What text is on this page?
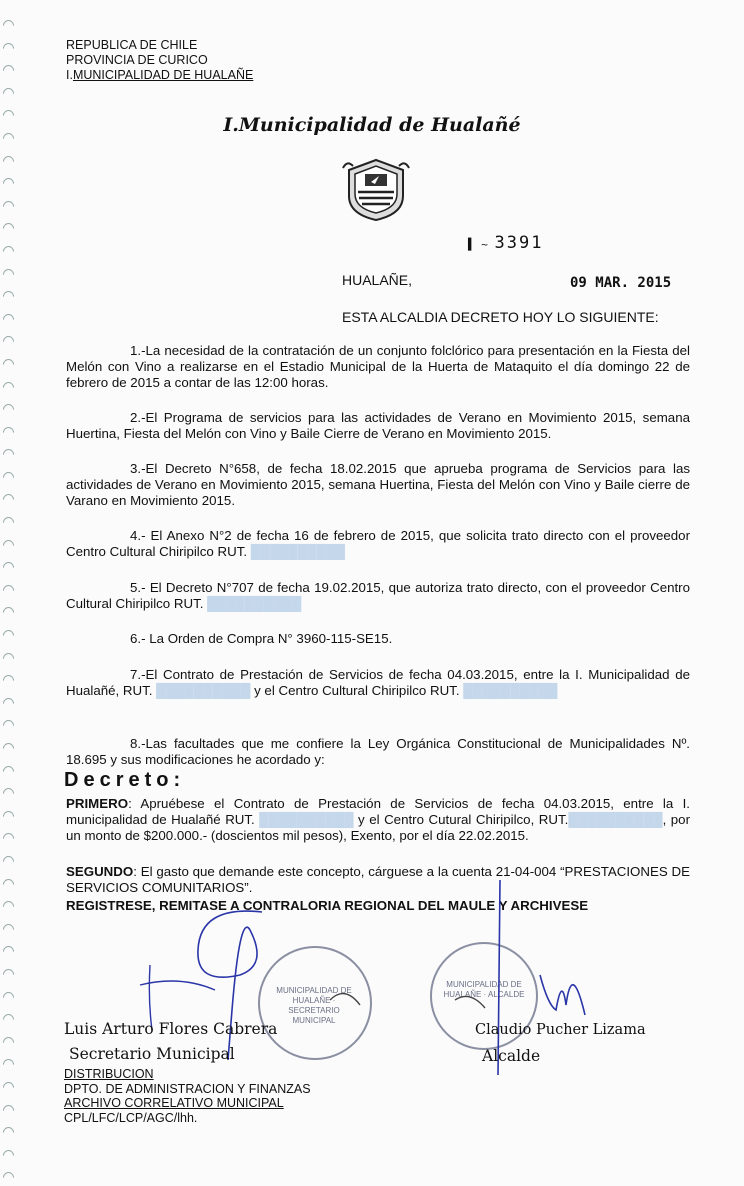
REPUBLICA DE CHILE
PROVINCIA DE CURICO
I.MUNICIPALIDAD DE HUALAÑE
I.Municipalidad de Hualañé
▌ ~ 3391
HUALAÑE,	09 MAR. 2015
ESTA ALCALDIA DECRETO HOY LO SIGUIENTE:
1.-La necesidad de la contratación de un conjunto folclórico para presentación en la Fiesta del Melón con Vino a realizarse en el Estadio Municipal de la Huerta de Mataquito el día domingo 22 de febrero de 2015 a contar de las 12:00 horas.
2.-El Programa de servicios para las actividades de Verano en Movimiento 2015, semana Huertina, Fiesta del Melón con Vino y Baile Cierre de Verano en Movimiento 2015.
3.-El Decreto N°658, de fecha 18.02.2015 que aprueba programa de Servicios para las actividades de Verano en Movimiento 2015, semana Huertina, Fiesta del Melón con Vino y Baile cierre de Varano en Movimiento 2015.
4.- El Anexo N°2 de fecha 16 de febrero de 2015, que solicita trato directo con el proveedor Centro Cultural Chiripilco RUT. ██████████
5.- El Decreto N°707 de fecha 19.02.2015, que autoriza trato directo, con el proveedor Centro Cultural Chiripilco RUT. ██████████
6.- La Orden de Compra N° 3960-115-SE15.
7.-El Contrato de Prestación de Servicios de fecha 04.03.2015, entre la I. Municipalidad de Hualañé, RUT. ██████████ y el Centro Cultural Chiripilco RUT. ██████████
8.-Las facultades que me confiere la Ley Orgánica Constitucional de Municipalidades Nº. 18.695 y sus modificaciones he acordado y:
Decreto:
PRIMERO: Apruébese el Contrato de Prestación de Servicios de fecha 04.03.2015, entre la I. municipalidad de Hualañé RUT. ██████████ y el Centro Cutural Chiripilco, RUT.██████████, por un monto de $200.000.- (doscientos mil pesos), Exento, por el día 22.02.2015.
SEGUNDO: El gasto que demande este concepto, cárguese a la cuenta 21-04-004 “PRESTACIONES DE SERVICIOS COMUNITARIOS”.
REGISTRESE, REMITASE A CONTRALORIA REGIONAL DEL MAULE Y ARCHIVESE
MUNICIPALIDAD DE HUALAÑE · SECRETARIO MUNICIPAL
MUNICIPALIDAD DE HUALAÑE · ALCALDE
Luis Arturo Flores Cabrera
Secretario Municipal
Claudio Pucher Lizama
Alcalde
DISTRIBUCION
DPTO. DE ADMINISTRACION Y FINANZAS
ARCHIVO CORRELATIVO MUNICIPAL
CPL/LFC/LCP/AGC/lhh.
